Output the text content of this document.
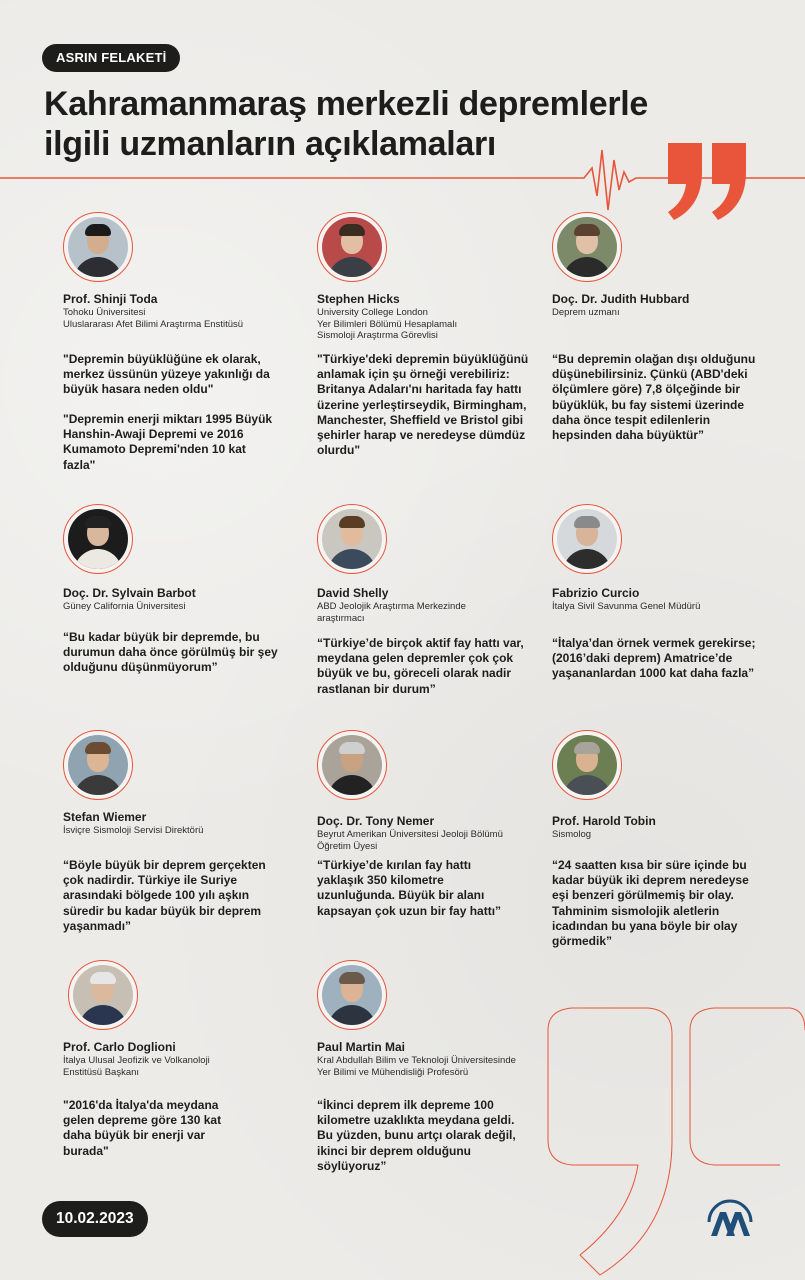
ASRIN FELAKETİ
Kahramanmaraş merkezli depremlerle
ilgili uzmanların açıklamaları

Prof. Shinji Toda

Tohoku Üniversitesi
Uluslararası Afet Bilimi Araştırma Enstitüsü

"Depremin büyüklüğüne ek olarak, merkez üssünün yüzeye yakınlığı da büyük hasara neden oldu"

"Depremin enerji miktarı 1995 Büyük Hanshin-Awaji Depremi ve 2016 Kumamoto Depremi'nden 10 kat fazla"

Stephen Hicks

University College London
Yer Bilimleri Bölümü Hesaplamalı
Sismoloji Araştırma Görevlisi

"Türkiye'deki depremin büyüklüğünü anlamak için şu örneği verebiliriz: Britanya Adaları'nı haritada fay hattı üzerine yerleştirseydik, Birmingham, Manchester, Sheffield ve Bristol gibi şehirler harap ve neredeyse dümdüz olurdu"

Doç. Dr. Judith Hubbard

Deprem uzmanı

“Bu depremin olağan dışı olduğunu düşünebilirsiniz. Çünkü (ABD'deki ölçümlere göre) 7,8 ölçeğinde bir büyüklük, bu fay sistemi üzerinde daha önce tespit edilenlerin hepsinden daha büyüktür”

Doç. Dr. Sylvain Barbot

Güney California Üniversitesi

“Bu kadar büyük bir depremde, bu durumun daha önce görülmüş bir şey olduğunu düşünmüyorum”

David Shelly

ABD Jeolojik Araştırma Merkezinde araştırmacı

“Türkiye’de birçok aktif fay hattı var, meydana gelen depremler çok çok büyük ve bu, göreceli olarak nadir rastlanan bir durum”

Fabrizio Curcio

İtalya Sivil Savunma Genel Müdürü

“İtalya’dan örnek vermek gerekirse; (2016’daki deprem) Amatrice’de yaşananlardan 1000 kat daha fazla”

Stefan Wiemer

İsviçre Sismoloji Servisi Direktörü

“Böyle büyük bir deprem gerçekten çok nadirdir. Türkiye ile Suriye arasındaki bölgede 100 yılı aşkın süredir bu kadar büyük bir deprem yaşanmadı”

Doç. Dr. Tony Nemer

Beyrut Amerikan Üniversitesi Jeoloji Bölümü Öğretim Üyesi

“Türkiye’de kırılan fay hattı yaklaşık 350 kilometre uzunluğunda. Büyük bir alanı kapsayan çok uzun bir fay hattı”

Prof. Harold Tobin

Sismolog

“24 saatten kısa bir süre içinde bu kadar büyük iki deprem neredeyse eşi benzeri görülmemiş bir olay. Tahminim sismolojik aletlerin icadından bu yana böyle bir olay görmedik”

Prof. Carlo Doglioni

İtalya Ulusal Jeofizik ve Volkanoloji Enstitüsü Başkanı

"2016'da İtalya'da meydana gelen depreme göre 130 kat daha büyük bir enerji var burada"

Paul Martin Mai

Kral Abdullah Bilim ve Teknoloji Üniversitesinde Yer Bilimi ve Mühendisliği Profesörü

“İkinci deprem ilk depreme 100 kilometre uzaklıkta meydana geldi. Bu yüzden, bunu artçı olarak değil, ikinci bir deprem olduğunu söylüyoruz”

10.02.2023
